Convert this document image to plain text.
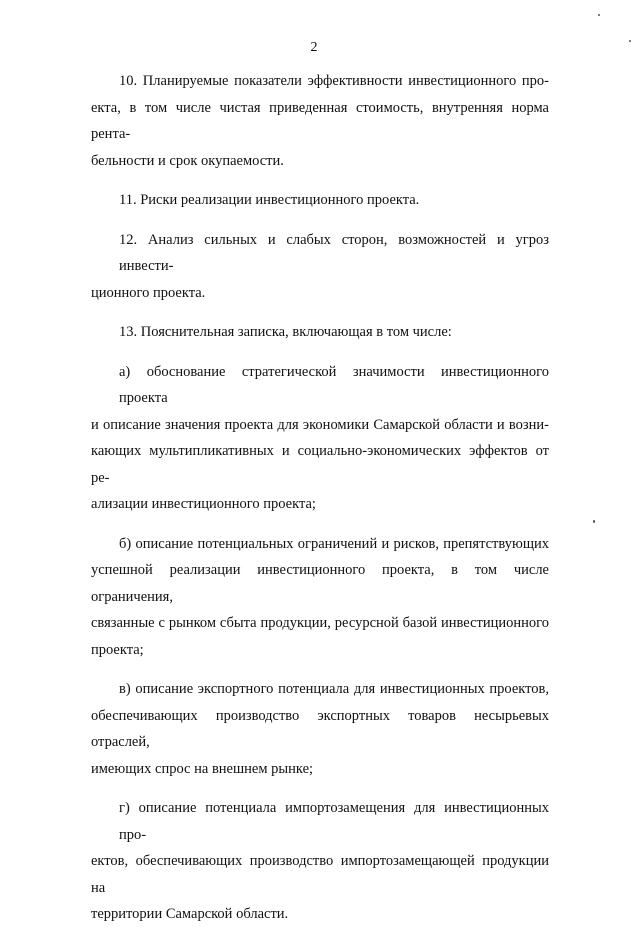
2

10. Планируемые показатели эффективности инвестиционного про-
екта, в том числе чистая приведенная стоимость, внутренняя норма рента-
бельности и срок окупаемости.

11. Риски реализации инвестиционного проекта.

12. Анализ сильных и слабых сторон, возможностей и угроз инвести-
ционного проекта.

13. Пояснительная записка, включающая в том числе:

а) обоснование стратегической значимости инвестиционного проекта
и описание значения проекта для экономики Самарской области и возни-
кающих мультипликативных и социально-экономических эффектов от ре-
ализации инвестиционного проекта;

б) описание потенциальных ограничений и рисков, препятствующих
успешной реализации инвестиционного проекта, в том числе ограничения,
связанные с рынком сбыта продукции, ресурсной базой инвестиционного
проекта;

в) описание экспортного потенциала для инвестиционных проектов,
обеспечивающих производство экспортных товаров несырьевых отраслей,
имеющих спрос на внешнем рынке;

г) описание потенциала импортозамещения для инвестиционных про-
ектов, обеспечивающих производство импортозамещающей продукции на
территории Самарской области.
